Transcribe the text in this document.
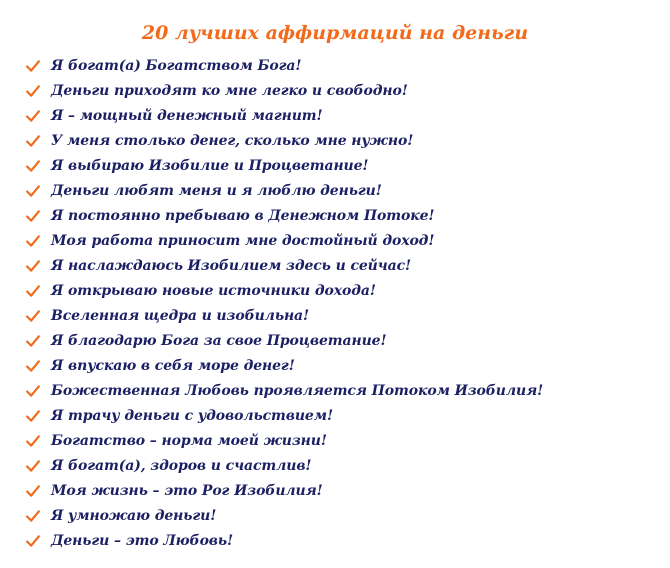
20 лучших аффирмаций на деньги
Я богат(а) Богатством Бога!
Деньги приходят ко мне легко и свободно!
Я – мощный денежный магнит!
У меня столько денег, сколько мне нужно!
Я выбираю Изобилие и Процветание!
Деньги любят меня и я люблю деньги!
Я постоянно пребываю в Денежном Потоке!
Моя работа приносит мне достойный доход!
Я наслаждаюсь Изобилием здесь и сейчас!
Я открываю новые источники дохода!
Вселенная щедра и изобильна!
Я благодарю Бога за свое Процветание!
Я впускаю в себя море денег!
Божественная Любовь проявляется Потоком Изобилия!
Я трачу деньги с удовольствием!
Богатство – норма моей жизни!
Я богат(а), здоров и счастлив!
Моя жизнь – это Рог Изобилия!
Я умножаю деньги!
Деньги – это Любовь!
